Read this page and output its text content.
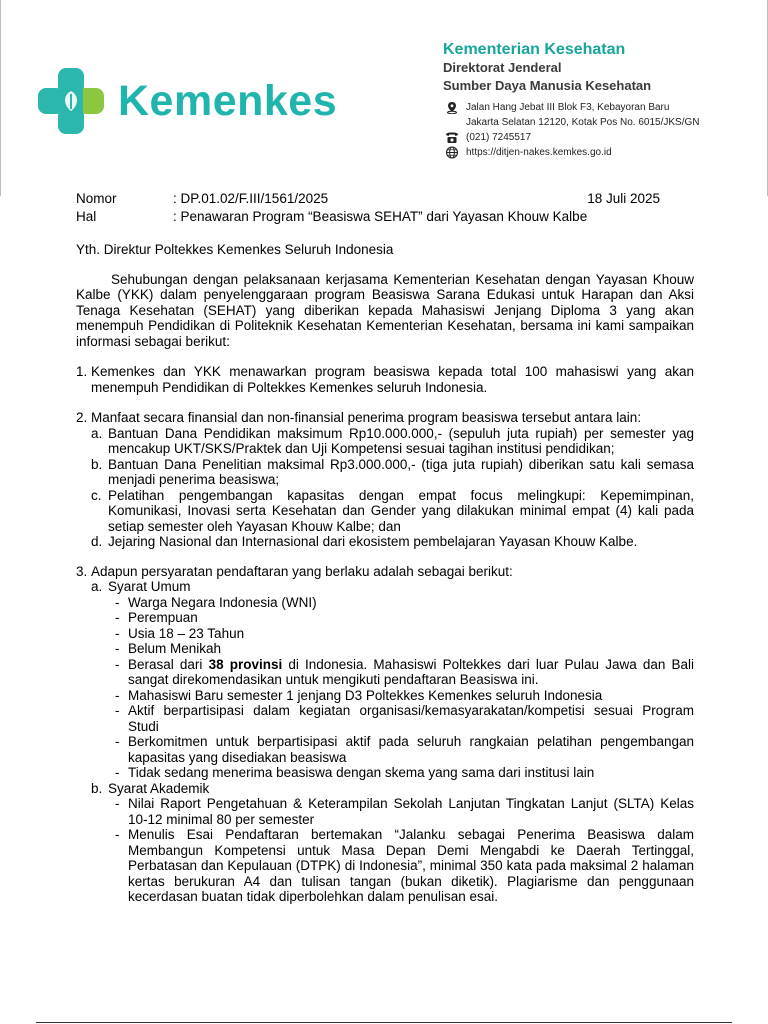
Kemenkes
Kementerian Kesehatan
Direktorat Jenderal
Sumber Daya Manusia Kesehatan
Jalan Hang Jebat III Blok F3, Kebayoran Baru
Jakarta Selatan 12120, Kotak Pos No. 6015/JKS/GN
(021) 7245517
https://ditjen-nakes.kemkes.go.id
Nomor	: DP.01.02/F.III/1561/2025	18 Juli 2025
Hal	: Penawaran Program “Beasiswa SEHAT” dari Yayasan Khouw Kalbe

Yth. Direktur Poltekkes Kemenkes Seluruh Indonesia

Sehubungan dengan pelaksanaan kerjasama Kementerian Kesehatan dengan Yayasan Khouw Kalbe (YKK) dalam penyelenggaraan program Beasiswa Sarana Edukasi untuk Harapan dan Aksi Tenaga Kesehatan (SEHAT) yang diberikan kepada Mahasiswi Jenjang Diploma 3 yang akan menempuh Pendidikan di Politeknik Kesehatan Kementerian Kesehatan, bersama ini kami sampaikan informasi sebagai berikut:

1. Kemenkes dan YKK menawarkan program beasiswa kepada total 100 mahasiswi yang akan menempuh Pendidikan di Poltekkes Kemenkes seluruh Indonesia.
2. Manfaat secara finansial dan non-finansial penerima program beasiswa tersebut antara lain:
a. Bantuan Dana Pendidikan maksimum Rp10.000.000,- (sepuluh juta rupiah) per semester yag mencakup UKT/SKS/Praktek dan Uji Kompetensi sesuai tagihan institusi pendidikan;
b. Bantuan Dana Penelitian maksimal Rp3.000.000,- (tiga juta rupiah) diberikan satu kali semasa menjadi penerima beasiswa;
c. Pelatihan pengembangan kapasitas dengan empat focus melingkupi: Kepemimpinan, Komunikasi, Inovasi serta Kesehatan dan Gender yang dilakukan minimal empat (4) kali pada setiap semester oleh Yayasan Khouw Kalbe; dan
d. Jejaring Nasional dan Internasional dari ekosistem pembelajaran Yayasan Khouw Kalbe.
3. Adapun persyaratan pendaftaran yang berlaku adalah sebagai berikut:
a. Syarat Umum
- Warga Negara Indonesia (WNI)
- Perempuan
- Usia 18 – 23 Tahun
- Belum Menikah
- Berasal dari 38 provinsi di Indonesia. Mahasiswi Poltekkes dari luar Pulau Jawa dan Bali sangat direkomendasikan untuk mengikuti pendaftaran Beasiswa ini.
- Mahasiswi Baru semester 1 jenjang D3 Poltekkes Kemenkes seluruh Indonesia
- Aktif berpartisipasi dalam kegiatan organisasi/kemasyarakatan/kompetisi sesuai Program Studi
- Berkomitmen untuk berpartisipasi aktif pada seluruh rangkaian pelatihan pengembangan kapasitas yang disediakan beasiswa
- Tidak sedang menerima beasiswa dengan skema yang sama dari institusi lain
b. Syarat Akademik
- Nilai Raport Pengetahuan & Keterampilan Sekolah Lanjutan Tingkatan Lanjut (SLTA) Kelas 10-12 minimal 80 per semester
- Menulis Esai Pendaftaran bertemakan “Jalanku sebagai Penerima Beasiswa dalam Membangun Kompetensi untuk Masa Depan Demi Mengabdi ke Daerah Tertinggal, Perbatasan dan Kepulauan (DTPK) di Indonesia”, minimal 350 kata pada maksimal 2 halaman kertas berukuran A4 dan tulisan tangan (bukan diketik). Plagiarisme dan penggunaan kecerdasan buatan tidak diperbolehkan dalam penulisan esai.
